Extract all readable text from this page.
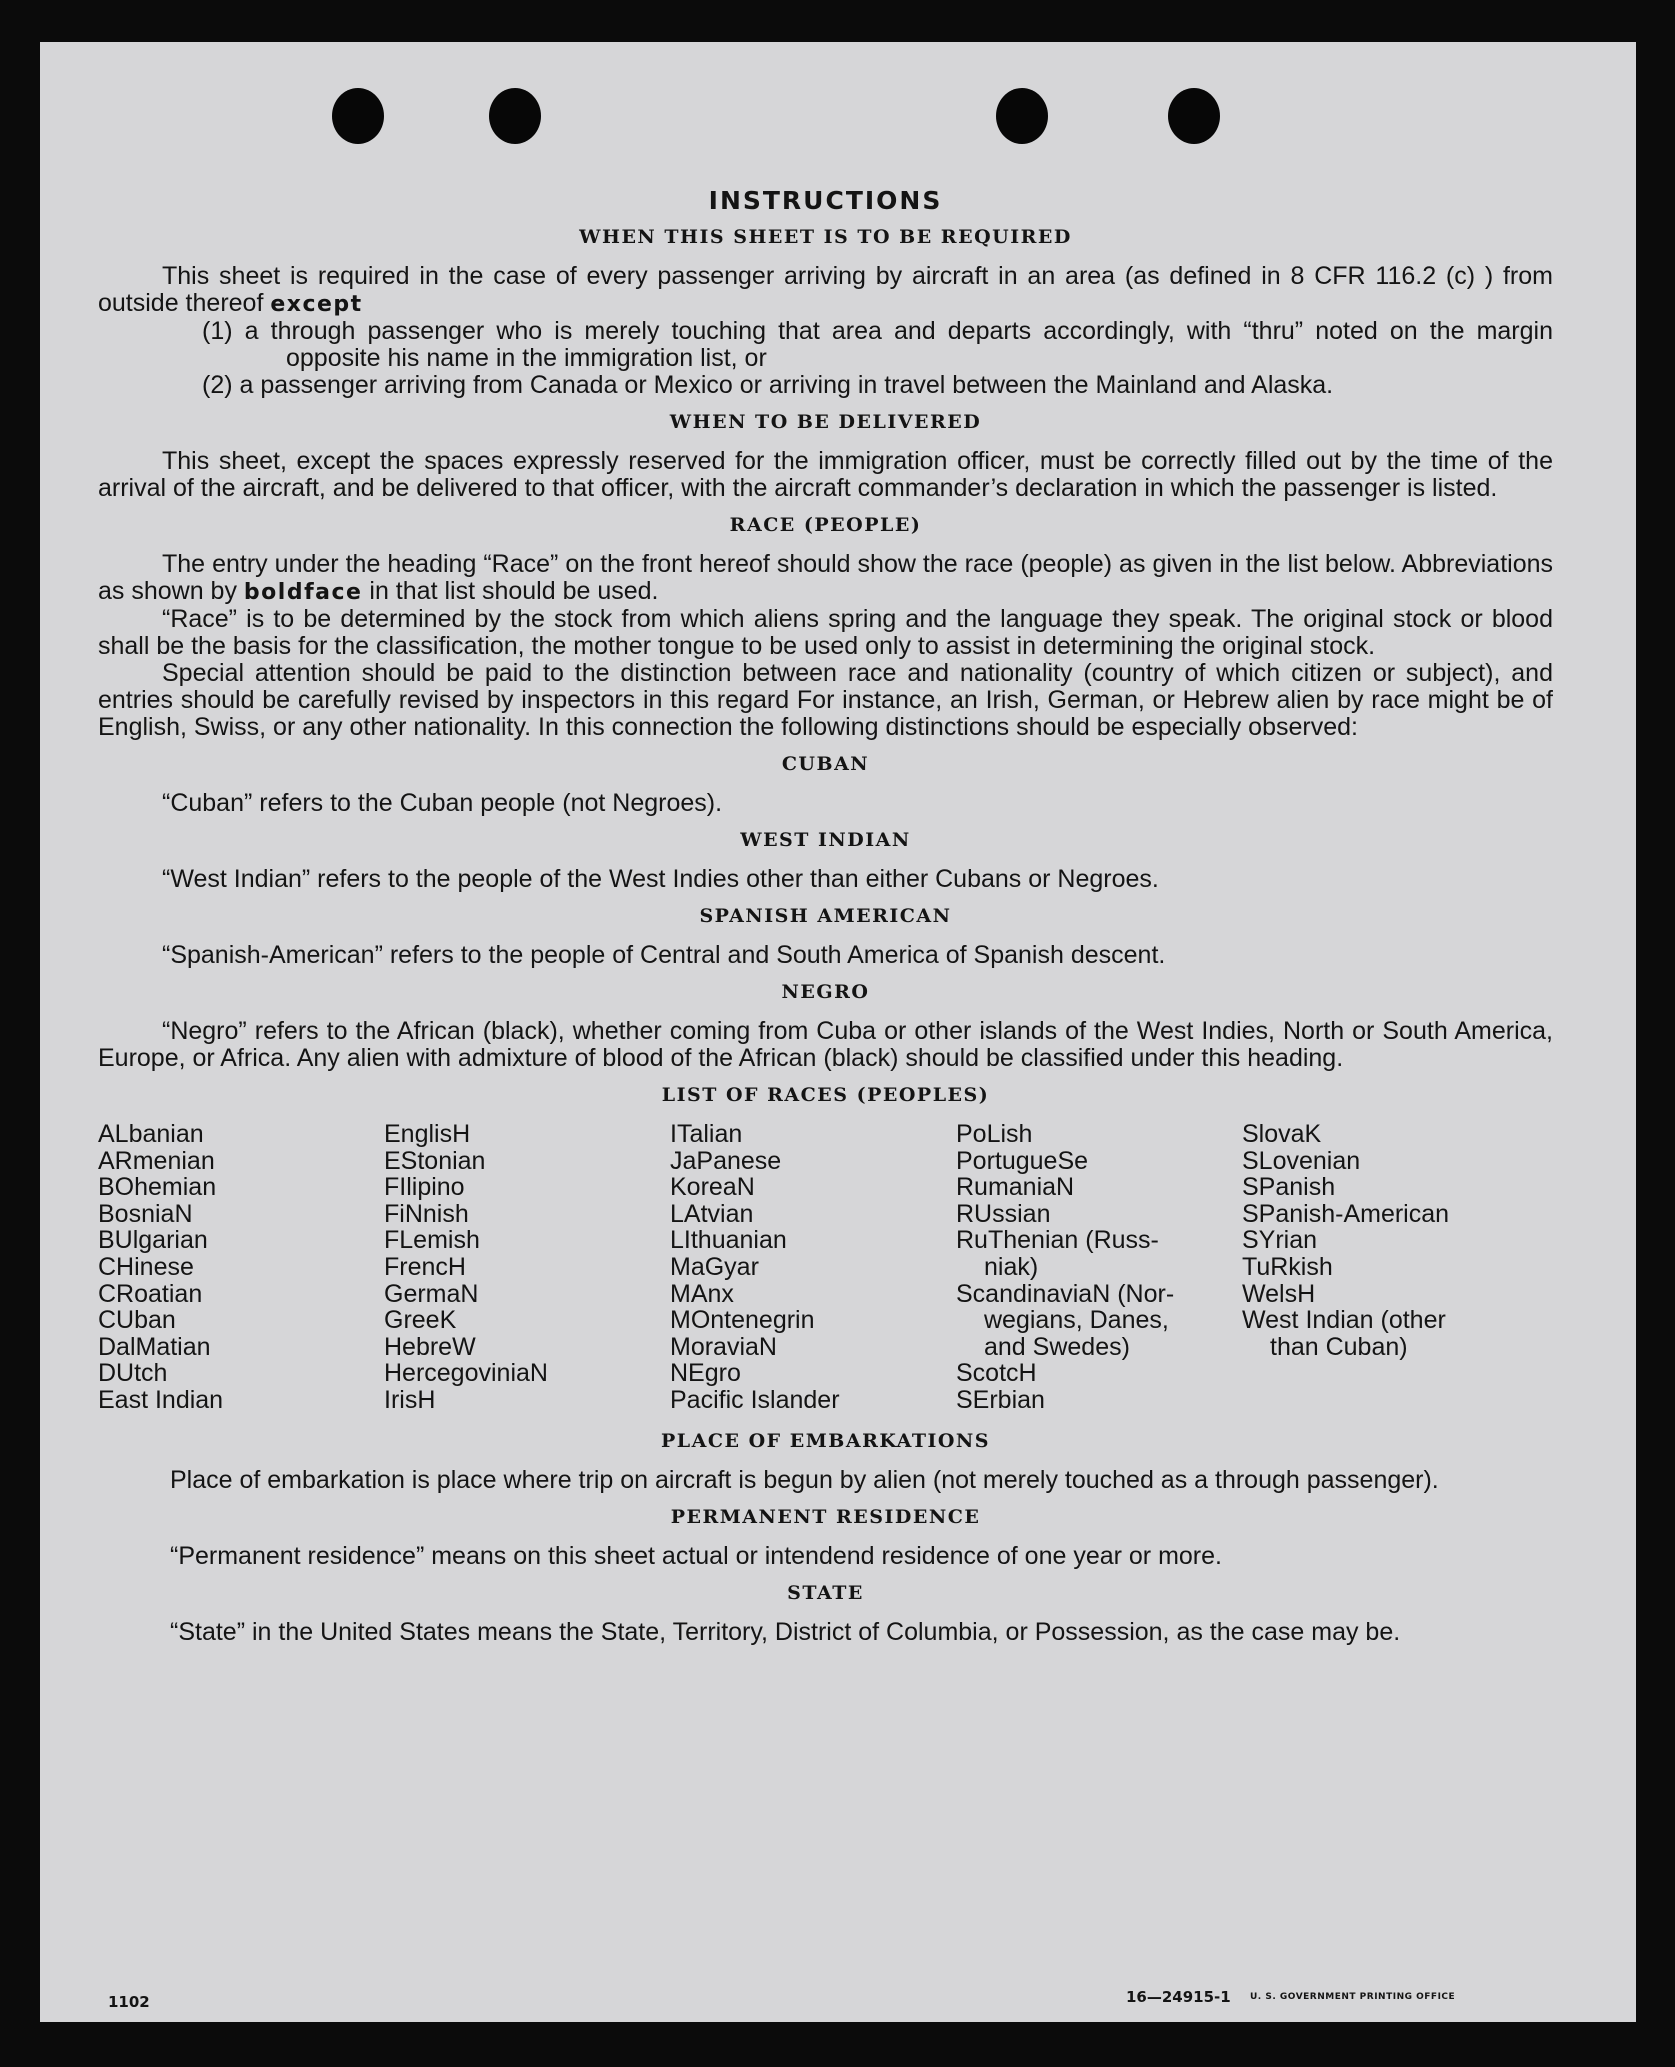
INSTRUCTIONS
WHEN THIS SHEET IS TO BE REQUIRED

This sheet is required in the case of every passenger arriving by aircraft in an area (as defined in 8 CFR 116.2 (c) ) from outside thereof except

(1) a through passenger who is merely touching that area and departs accordingly, with “thru” noted on the margin opposite his name in the immigration list, or

(2) a passenger arriving from Canada or Mexico or arriving in travel between the Mainland and Alaska.

WHEN TO BE DELIVERED

This sheet, except the spaces expressly reserved for the immigration officer, must be correctly filled out by the time of the arrival of the aircraft, and be delivered to that officer, with the aircraft commander’s declaration in which the passenger is listed.

RACE (PEOPLE)

The entry under the heading “Race” on the front hereof should show the race (people) as given in the list below. Abbreviations as shown by boldface in that list should be used.

“Race” is to be determined by the stock from which aliens spring and the language they speak. The original stock or blood shall be the basis for the classification, the mother tongue to be used only to assist in determining the original stock.

Special attention should be paid to the distinction between race and nationality (country of which citizen or subject), and entries should be carefully revised by inspectors in this regard For instance, an Irish, German, or Hebrew alien by race might be of English, Swiss, or any other nationality. In this connection the following distinctions should be especially observed:

CUBAN

“Cuban” refers to the Cuban people (not Negroes).

WEST INDIAN

“West Indian” refers to the people of the West Indies other than either Cubans or Negroes.

SPANISH AMERICAN

“Spanish-American” refers to the people of Central and South America of Spanish descent.

NEGRO

“Negro” refers to the African (black), whether coming from Cuba or other islands of the West Indies, North or South America, Europe, or Africa. Any alien with admixture of blood of the African (black) should be classified under this heading.

LIST OF RACES (PEOPLES)
ALbanian
ARmenian
BOhemian
BosniaN
BUlgarian
CHinese
CRoatian
CUban
DalMatian
DUtch
East Indian
EnglisH
EStonian
FIlipino
FiNnish
FLemish
FrencH
GermaN
GreeK
HebreW
HercegoviniaN
IrisH
ITalian
JaPanese
KoreaN
LAtvian
LIthuanian
MaGyar
MAnx
MOntenegrin
MoraviaN
NEgro
Pacific Islander
PoLish
PortugueSe
RumaniaN
RUssian
RuThenian (Russ-
niak)
ScandinaviaN (Nor-
wegians, Danes,
and Swedes)
ScotcH
SErbian
SlovaK
SLovenian
SPanish
SPanish-American
SYrian
TuRkish
WelsH
West Indian (other
than Cuban)
PLACE OF EMBARKATIONS

Place of embarkation is place where trip on aircraft is begun by alien (not merely touched as a through passenger).

PERMANENT RESIDENCE

“Permanent residence” means on this sheet actual or intendend residence of one year or more.

STATE

“State” in the United States means the State, Territory, District of Columbia, or Possession, as the case may be.

1102	16—24915-1 U. S. GOVERNMENT PRINTING OFFICE
